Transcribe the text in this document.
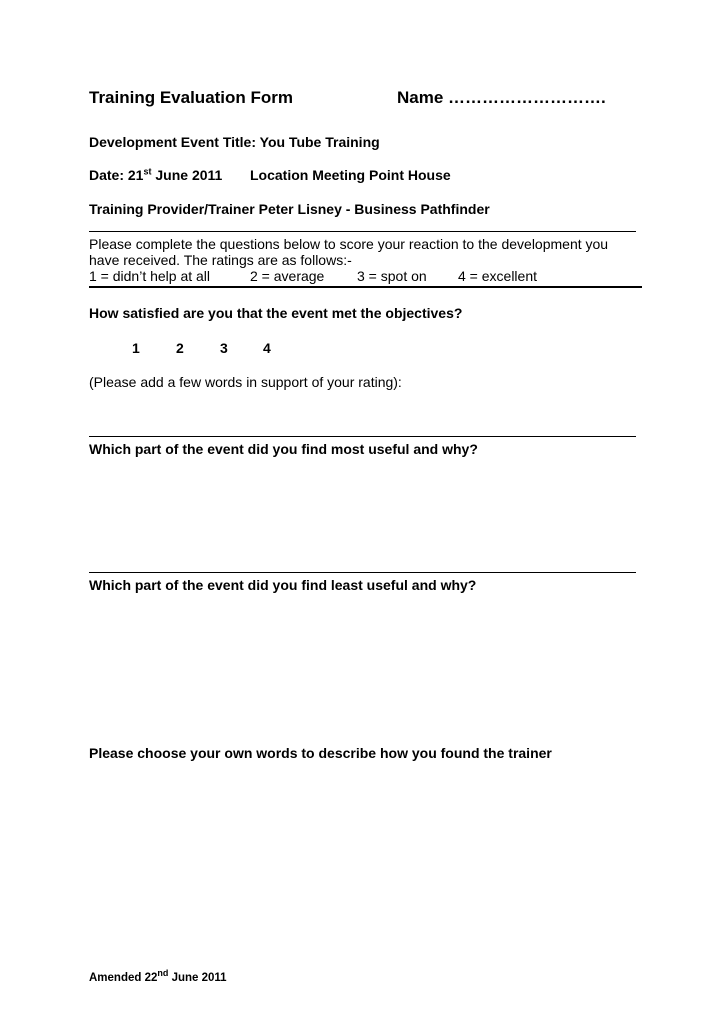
Training Evaluation Form	Name ……………………….
Development Event Title: You Tube Training
Date: 21st June 2011 Location Meeting Point House
Training Provider/Trainer Peter Lisney - Business Pathfinder
Please complete the questions below to score your reaction to the development you
have received. The ratings are as follows:-
1 = didn’t help at all	2 = average 3 = spot on 4 = excellent
How satisfied are you that the event met the objectives?
1	2	3	4
(Please add a few words in support of your rating):
Which part of the event did you find most useful and why?
Which part of the event did you find least useful and why?
Please choose your own words to describe how you found the trainer
Amended 22nd June 2011
